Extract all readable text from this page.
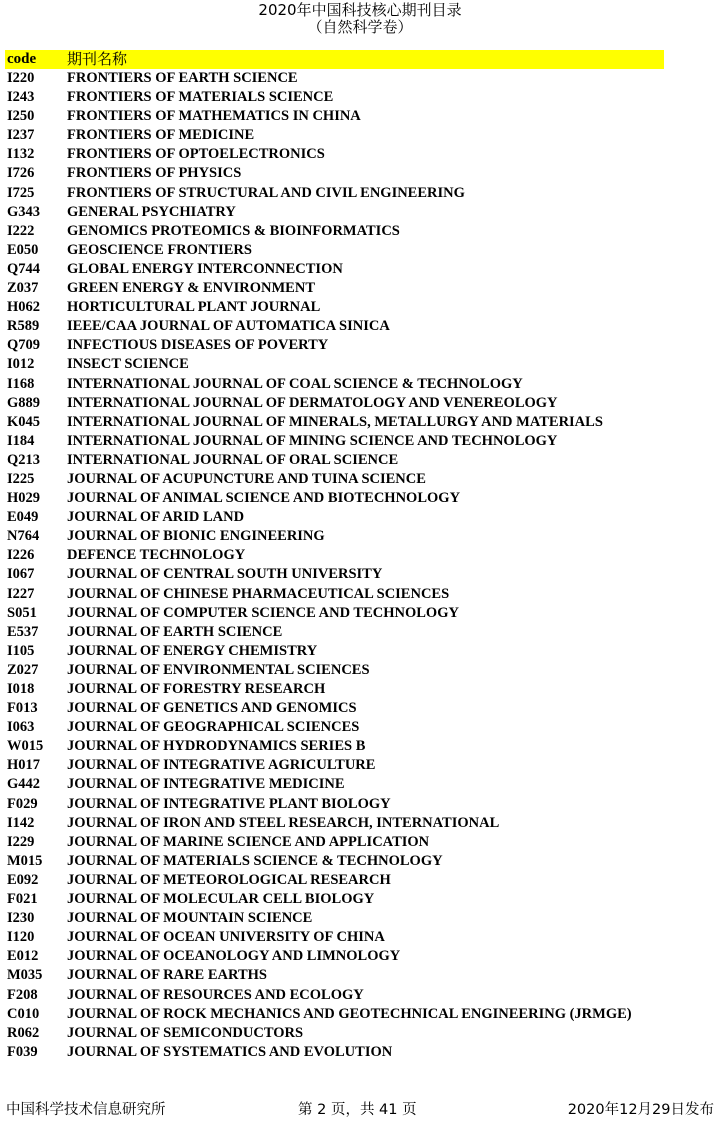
2020年中国科技核心期刊目录
（自然科学卷）
code 期刊名称
I220 FRONTIERS OF EARTH SCIENCE
I243 FRONTIERS OF MATERIALS SCIENCE
I250 FRONTIERS OF MATHEMATICS IN CHINA
I237 FRONTIERS OF MEDICINE
I132 FRONTIERS OF OPTOELECTRONICS
I726 FRONTIERS OF PHYSICS
I725 FRONTIERS OF STRUCTURAL AND CIVIL ENGINEERING
G343 GENERAL PSYCHIATRY
I222 GENOMICS PROTEOMICS & BIOINFORMATICS
E050 GEOSCIENCE FRONTIERS
Q744 GLOBAL ENERGY INTERCONNECTION
Z037 GREEN ENERGY & ENVIRONMENT
H062 HORTICULTURAL PLANT JOURNAL
R589 IEEE/CAA JOURNAL OF AUTOMATICA SINICA
Q709 INFECTIOUS DISEASES OF POVERTY
I012 INSECT SCIENCE
I168 INTERNATIONAL JOURNAL OF COAL SCIENCE & TECHNOLOGY
G889 INTERNATIONAL JOURNAL OF DERMATOLOGY AND VENEREOLOGY
K045 INTERNATIONAL JOURNAL OF MINERALS, METALLURGY AND MATERIALS
I184 INTERNATIONAL JOURNAL OF MINING SCIENCE AND TECHNOLOGY
Q213 INTERNATIONAL JOURNAL OF ORAL SCIENCE
I225 JOURNAL OF ACUPUNCTURE AND TUINA SCIENCE
H029 JOURNAL OF ANIMAL SCIENCE AND BIOTECHNOLOGY
E049 JOURNAL OF ARID LAND
N764 JOURNAL OF BIONIC ENGINEERING
I226 DEFENCE TECHNOLOGY
I067 JOURNAL OF CENTRAL SOUTH UNIVERSITY
I227 JOURNAL OF CHINESE PHARMACEUTICAL SCIENCES
S051 JOURNAL OF COMPUTER SCIENCE AND TECHNOLOGY
E537 JOURNAL OF EARTH SCIENCE
I105 JOURNAL OF ENERGY CHEMISTRY
Z027 JOURNAL OF ENVIRONMENTAL SCIENCES
I018 JOURNAL OF FORESTRY RESEARCH
F013 JOURNAL OF GENETICS AND GENOMICS
I063 JOURNAL OF GEOGRAPHICAL SCIENCES
W015 JOURNAL OF HYDRODYNAMICS SERIES B
H017 JOURNAL OF INTEGRATIVE AGRICULTURE
G442 JOURNAL OF INTEGRATIVE MEDICINE
F029 JOURNAL OF INTEGRATIVE PLANT BIOLOGY
I142 JOURNAL OF IRON AND STEEL RESEARCH, INTERNATIONAL
I229 JOURNAL OF MARINE SCIENCE AND APPLICATION
M015 JOURNAL OF MATERIALS SCIENCE & TECHNOLOGY
E092 JOURNAL OF METEOROLOGICAL RESEARCH
F021 JOURNAL OF MOLECULAR CELL BIOLOGY
I230 JOURNAL OF MOUNTAIN SCIENCE
I120 JOURNAL OF OCEAN UNIVERSITY OF CHINA
E012 JOURNAL OF OCEANOLOGY AND LIMNOLOGY
M035 JOURNAL OF RARE EARTHS
F208 JOURNAL OF RESOURCES AND ECOLOGY
C010 JOURNAL OF ROCK MECHANICS AND GEOTECHNICAL ENGINEERING (JRMGE)
R062 JOURNAL OF SEMICONDUCTORS
F039 JOURNAL OF SYSTEMATICS AND EVOLUTION
中国科学技术信息研究所	第 2 页，共 41 页	2020年12月29日发布
